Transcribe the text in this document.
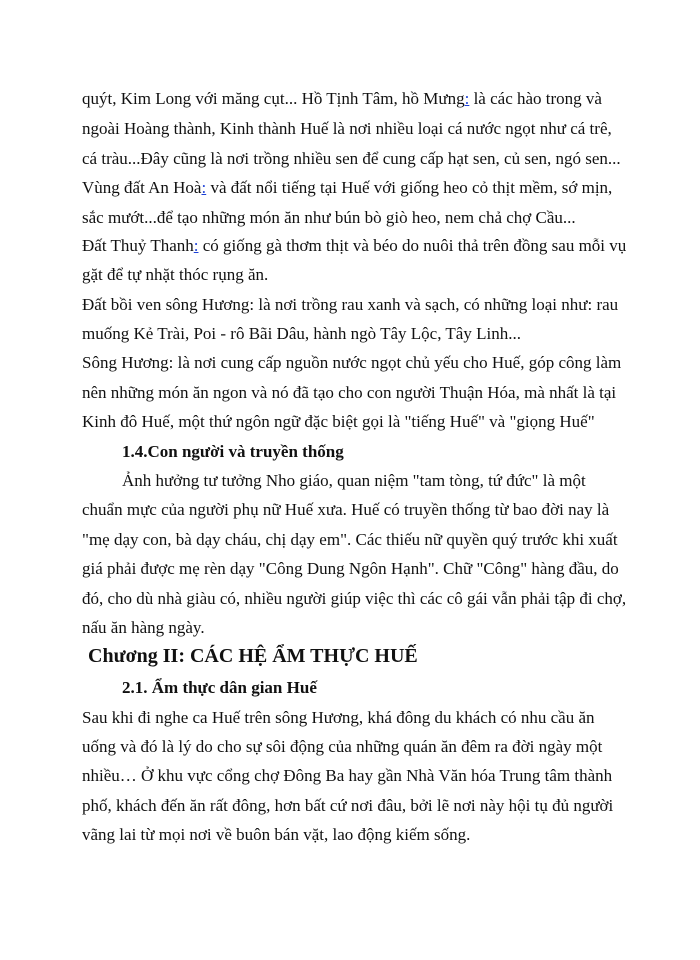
quýt, Kim Long với măng cụt... Hồ Tịnh Tâm, hồ Mưng: là các hào trong và
ngoài Hoàng thành, Kinh thành Huế là nơi nhiều loại cá nước ngọt như cá trê,
cá tràu...Đây cũng là nơi trồng nhiều sen để cung cấp hạt sen, củ sen, ngó sen...
Vùng đất An Hoà: và đất nổi tiếng tại Huế với giống heo cỏ thịt mềm, sớ mịn,
sắc mướt...để tạo những món ăn như bún bò giò heo, nem chả chợ Cầu...
Đất Thuỷ Thanh: có giống gà thơm thịt và béo do nuôi thả trên đồng sau mỗi vụ
gặt để tự nhặt thóc rụng ăn.
Đất bồi ven sông Hương: là nơi trồng rau xanh và sạch, có những loại như: rau
muống Kẻ Trài, Poi - rô Bãi Dâu, hành ngò Tây Lộc, Tây Linh...
Sông Hương: là nơi cung cấp nguồn nước ngọt chủ yếu cho Huế, góp công làm
nên những món ăn ngon và nó đã tạo cho con người Thuận Hóa, mà nhất là tại
Kinh đô Huế, một thứ ngôn ngữ đặc biệt gọi là "tiếng Huế" và "giọng Huế"
1.4.Con người và truyền thống
Ảnh hưởng tư tưởng Nho giáo, quan niệm "tam tòng, tứ đức" là một
chuẩn mực của người phụ nữ Huế xưa. Huế có truyền thống từ bao đời nay là
"mẹ dạy con, bà dạy cháu, chị dạy em". Các thiếu nữ quyền quý trước khi xuất
giá phải được mẹ rèn dạy "Công Dung Ngôn Hạnh". Chữ "Công" hàng đầu, do
đó, cho dù nhà giàu có, nhiều người giúp việc thì các cô gái vẫn phải tập đi chợ,
nấu ăn hàng ngày.
Chương II: CÁC HỆ ẨM THỰC HUẾ
2.1. Ẩm thực dân gian Huế
Sau khi đi nghe ca Huế trên sông Hương, khá đông du khách có nhu cầu ăn
uống và đó là lý do cho sự sôi động của những quán ăn đêm ra đời ngày một
nhiều… Ở khu vực cổng chợ Đông Ba hay gần Nhà Văn hóa Trung tâm thành
phố, khách đến ăn rất đông, hơn bất cứ nơi đâu, bởi lẽ nơi này hội tụ đủ người
vãng lai từ mọi nơi về buôn bán vặt, lao động kiếm sống.
